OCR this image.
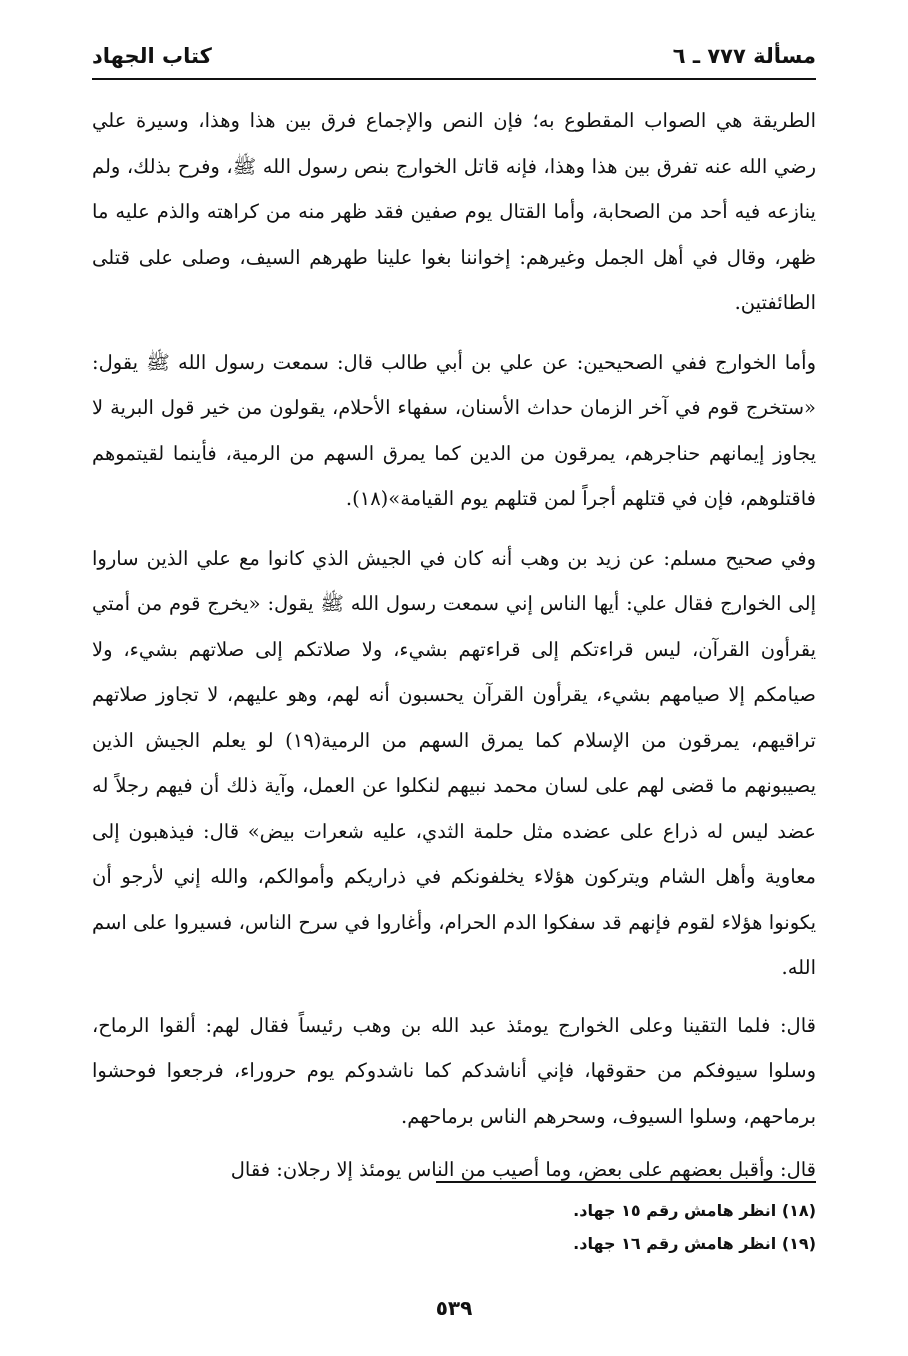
مسألة ٧٧٧ ـ ٦
كتاب الجهاد

الطريقة هي الصواب المقطوع به؛ فإن النص والإجماع فرق بين هذا وهذا، وسيرة علي رضي الله عنه تفرق بين هذا وهذا، فإنه قاتل الخوارج بنص رسول الله ﷺ، وفرح بذلك، ولم ينازعه فيه أحد من الصحابة، وأما القتال يوم صفين فقد ظهر منه من كراهته والذم عليه ما ظهر، وقال في أهل الجمل وغيرهم: إخواننا بغوا علينا طهرهم السيف، وصلى على قتلى الطائفتين.

وأما الخوارج ففي الصحيحين: عن علي بن أبي طالب قال: سمعت رسول الله ﷺ يقول: «ستخرج قوم في آخر الزمان حداث الأسنان، سفهاء الأحلام، يقولون من خير قول البرية لا يجاوز إيمانهم حناجرهم، يمرقون من الدين كما يمرق السهم من الرمية، فأينما لقيتموهم فاقتلوهم، فإن في قتلهم أجراً لمن قتلهم يوم القيامة»(١٨).

وفي صحيح مسلم: عن زيد بن وهب أنه كان في الجيش الذي كانوا مع علي الذين ساروا إلى الخوارج فقال علي: أيها الناس إني سمعت رسول الله ﷺ يقول: «يخرج قوم من أمتي يقرأون القرآن، ليس قراءتكم إلى قراءتهم بشيء، ولا صلاتكم إلى صلاتهم بشيء، ولا صيامكم إلا صيامهم بشيء، يقرأون القرآن يحسبون أنه لهم، وهو عليهم، لا تجاوز صلاتهم تراقيهم، يمرقون من الإسلام كما يمرق السهم من الرمية(١٩) لو يعلم الجيش الذين يصيبونهم ما قضى لهم على لسان محمد نبيهم لنكلوا عن العمل، وآية ذلك أن فيهم رجلاً له عضد ليس له ذراع على عضده مثل حلمة الثدي، عليه شعرات بيض» قال: فيذهبون إلى معاوية وأهل الشام ويتركون هؤلاء يخلفونكم في ذراريكم وأموالكم، والله إني لأرجو أن يكونوا هؤلاء لقوم فإنهم قد سفكوا الدم الحرام، وأغاروا في سرح الناس، فسيروا على اسم الله.

قال: فلما التقينا وعلى الخوارج يومئذ عبد الله بن وهب رئيساً فقال لهم: ألقوا الرماح، وسلوا سيوفكم من حقوقها، فإني أناشدكم كما ناشدوكم يوم حروراء، فرجعوا فوحشوا برماحهم، وسلوا السيوف، وسحرهم الناس برماحهم.

قال: وأقبل بعضهم على بعض، وما أصيب من الناس يومئذ إلا رجلان: فقال

(١٨) انظر هامش رقم ١٥ جهاد.

(١٩) انظر هامش رقم ١٦ جهاد.

٥٣٩
